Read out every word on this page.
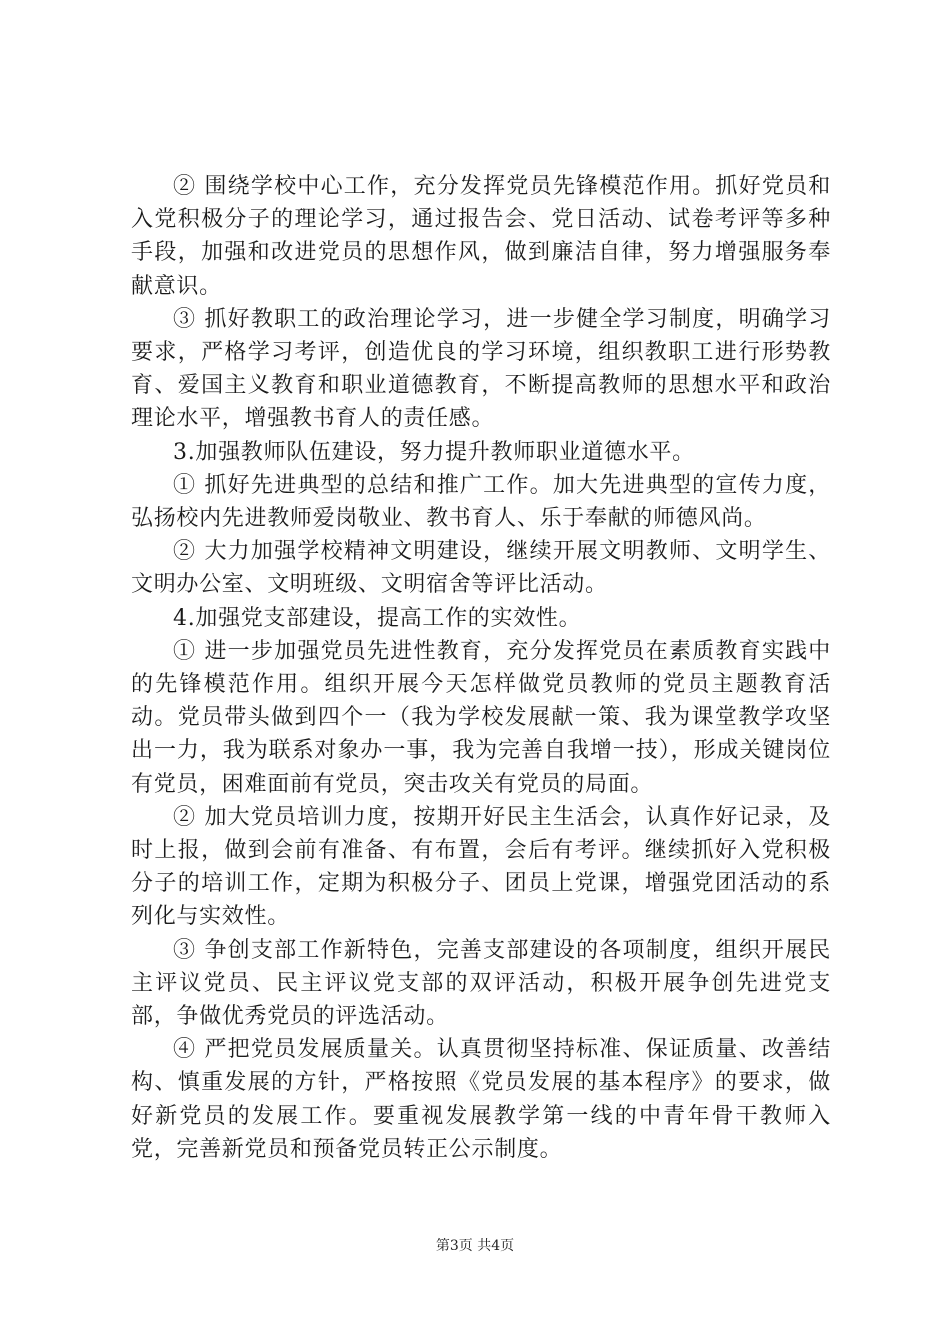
② 围绕学校中心工作，充分发挥党员先锋模范作用。抓好党员和入党积极分子的理论学习，通过报告会、党日活动、试卷考评等多种手段，加强和改进党员的思想作风，做到廉洁自律，努力增强服务奉献意识。

③ 抓好教职工的政治理论学习，进一步健全学习制度，明确学习要求，严格学习考评，创造优良的学习环境，组织教职工进行形势教育、爱国主义教育和职业道德教育，不断提高教师的思想水平和政治理论水平，增强教书育人的责任感。

3.加强教师队伍建设，努力提升教师职业道德水平。

① 抓好先进典型的总结和推广工作。加大先进典型的宣传力度，弘扬校内先进教师爱岗敬业、教书育人、乐于奉献的师德风尚。

② 大力加强学校精神文明建设，继续开展文明教师、文明学生、文明办公室、文明班级、文明宿舍等评比活动。

4.加强党支部建设，提高工作的实效性。

① 进一步加强党员先进性教育，充分发挥党员在素质教育实践中的先锋模范作用。组织开展今天怎样做党员教师的党员主题教育活动。党员带头做到四个一（我为学校发展献一策、我为课堂教学攻坚出一力，我为联系对象办一事，我为完善自我增一技），形成关键岗位有党员，困难面前有党员，突击攻关有党员的局面。

② 加大党员培训力度，按期开好民主生活会，认真作好记录，及时上报，做到会前有准备、有布置，会后有考评。继续抓好入党积极分子的培训工作，定期为积极分子、团员上党课，增强党团活动的系列化与实效性。

③ 争创支部工作新特色，完善支部建设的各项制度，组织开展民主评议党员、民主评议党支部的双评活动，积极开展争创先进党支部，争做优秀党员的评选活动。

④ 严把党员发展质量关。认真贯彻坚持标准、保证质量、改善结构、慎重发展的方针，严格按照《党员发展的基本程序》的要求，做好新党员的发展工作。要重视发展教学第一线的中青年骨干教师入党，完善新党员和预备党员转正公示制度。

第3页 共4页
